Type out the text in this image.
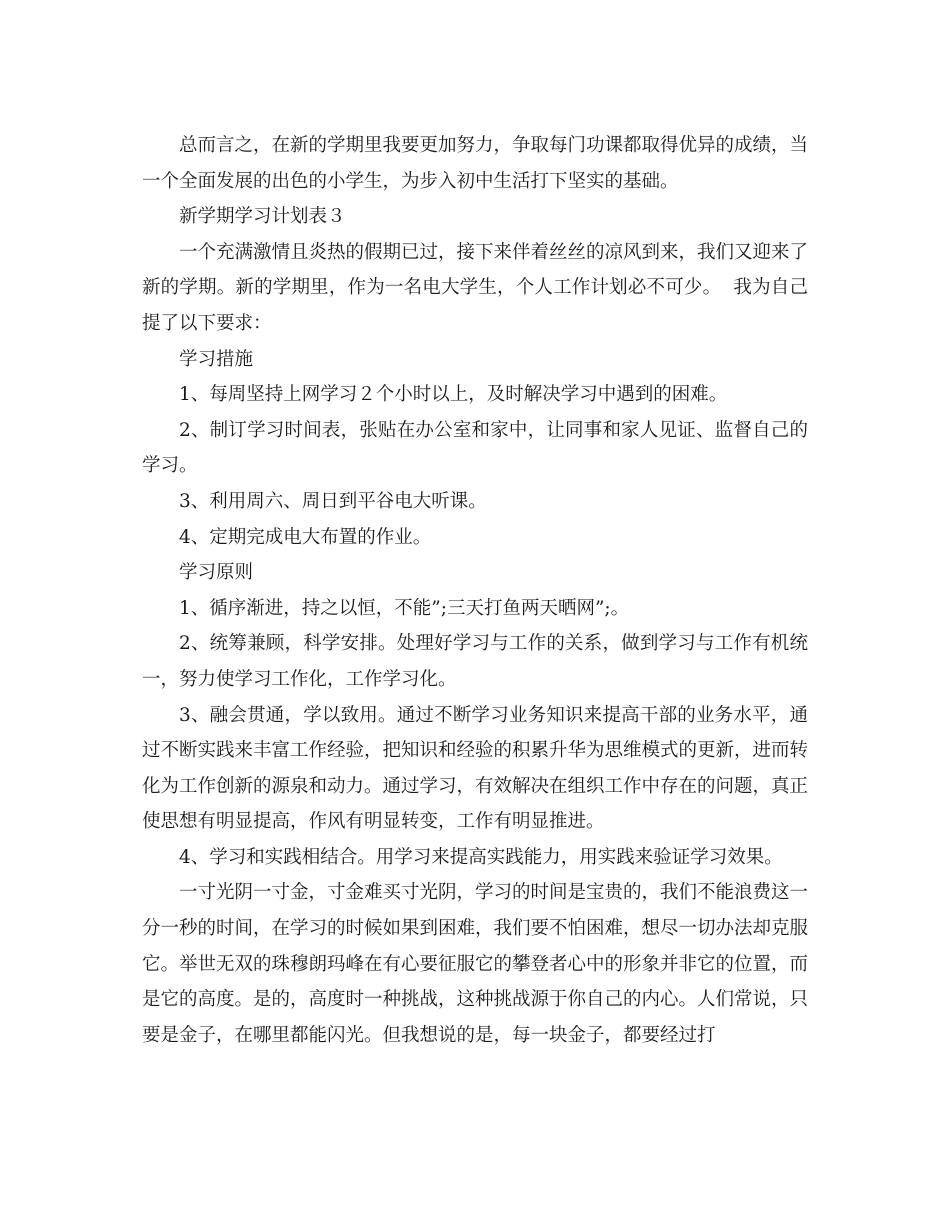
总而言之，在新的学期里我要更加努力，争取每门功课都取得优异的成绩，当一个全面发展的出色的小学生，为步入初中生活打下坚实的基础。

新学期学习计划表３

一个充满激情且炎热的假期已过，接下来伴着丝丝的凉风到来，我们又迎来了新的学期。新的学期里，作为一名电大学生，个人工作计划必不可少。  我为自己提了以下要求：

学习措施

1、每周坚持上网学习２个小时以上，及时解决学习中遇到的困难。

2、制订学习时间表，张贴在办公室和家中，让同事和家人见证、监督自己的学习。

3、利用周六、周日到平谷电大听课。

4、定期完成电大布置的作业。

学习原则

1、循序渐进，持之以恒，不能”;三天打鱼两天晒网”;。

2、统筹兼顾，科学安排。处理好学习与工作的关系，做到学习与工作有机统一，努力使学习工作化，工作学习化。

3、融会贯通，学以致用。通过不断学习业务知识来提高干部的业务水平，通过不断实践来丰富工作经验，把知识和经验的积累升华为思维模式的更新，进而转化为工作创新的源泉和动力。通过学习，有效解决在组织工作中存在的问题，真正使思想有明显提高，作风有明显转变，工作有明显推进。

4、学习和实践相结合。用学习来提高实践能力，用实践来验证学习效果。

一寸光阴一寸金，寸金难买寸光阴，学习的时间是宝贵的，我们不能浪费这一分一秒的时间，在学习的时候如果到困难，我们要不怕困难，想尽一切办法却克服它。举世无双的珠穆朗玛峰在有心要征服它的攀登者心中的形象并非它的位置，而是它的高度。是的，高度时一种挑战，这种挑战源于你自己的内心。人们常说，只要是金子，在哪里都能闪光。但我想说的是，每一块金子，都要经过打
